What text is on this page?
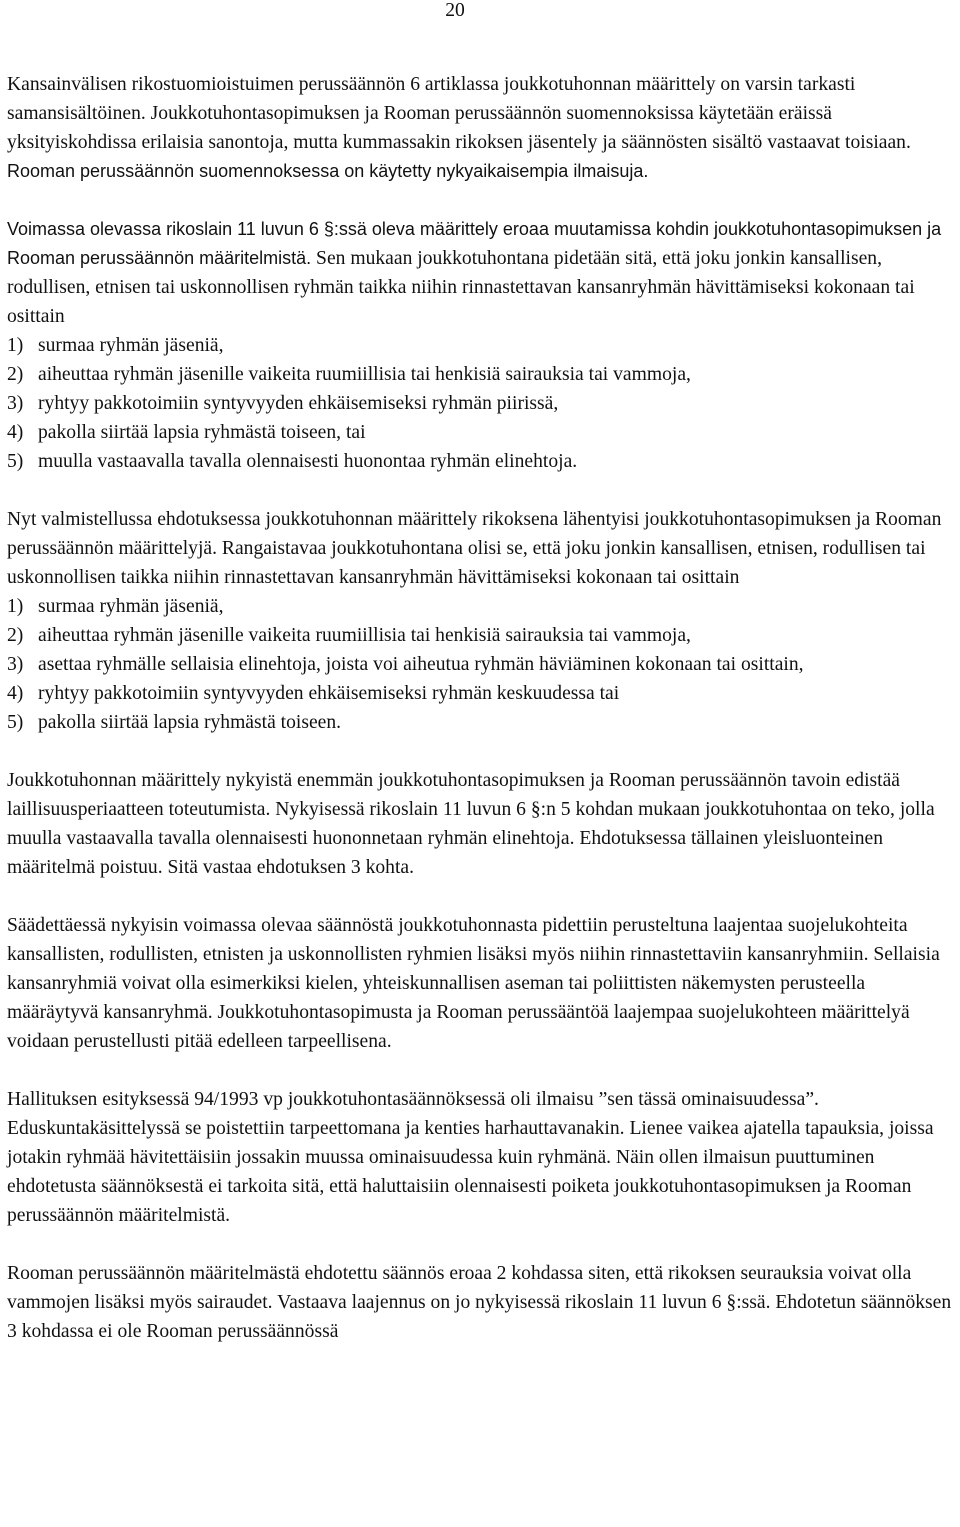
20

Kansainvälisen rikostuomioistuimen perussäännön 6 artiklassa joukkotuhonnan määrittely on varsin tarkasti samansisältöinen. Joukkotuhontasopimuksen ja Rooman perussäännön suomennoksissa käytetään eräissä yksityiskohdissa erilaisia sanontoja, mutta kummassakin rikoksen jäsentely ja säännösten sisältö vastaavat toisiaan. Rooman perussäännön suomennoksessa on käytetty nykyaikaisempia ilmaisuja.

Voimassa olevassa rikoslain 11 luvun 6 §:ssä oleva määrittely eroaa muutamissa kohdin joukkotuhontasopimuksen ja Rooman perussäännön määritelmistä. Sen mukaan joukkotuhontana pidetään sitä, että joku jonkin kansallisen, rodullisen, etnisen tai uskonnollisen ryhmän taikka niihin rinnastettavan kansanryhmän hävittämiseksi kokonaan tai osittain

1) surmaa ryhmän jäseniä,
2) aiheuttaa ryhmän jäsenille vaikeita ruumiillisia tai henkisiä sairauksia tai vammoja,
3) ryhtyy pakkotoimiin syntyvyyden ehkäisemiseksi ryhmän piirissä,
4) pakolla siirtää lapsia ryhmästä toiseen, tai
5) muulla vastaavalla tavalla olennaisesti huonontaa ryhmän elinehtoja.

Nyt valmistellussa ehdotuksessa joukkotuhonnan määrittely rikoksena lähentyisi joukkotuhontasopimuksen ja Rooman perussäännön määrittelyjä. Rangaistavaa joukkotuhontana olisi se, että joku jonkin kansallisen, etnisen, rodullisen tai uskonnollisen taikka niihin rinnastettavan kansanryhmän hävittämiseksi kokonaan tai osittain

1) surmaa ryhmän jäseniä,
2) aiheuttaa ryhmän jäsenille vaikeita ruumiillisia tai henkisiä sairauksia tai vammoja,
3) asettaa ryhmälle sellaisia elinehtoja, joista voi aiheutua ryhmän häviäminen kokonaan tai osittain,
4) ryhtyy pakkotoimiin syntyvyyden ehkäisemiseksi ryhmän keskuudessa tai
5) pakolla siirtää lapsia ryhmästä toiseen.

Joukkotuhonnan määrittely nykyistä enemmän joukkotuhontasopimuksen ja Rooman perussäännön tavoin edistää laillisuusperiaatteen toteutumista. Nykyisessä rikoslain 11 luvun 6 §:n 5 kohdan mukaan joukkotuhontaa on teko, jolla muulla vastaavalla tavalla olennaisesti huononnetaan ryhmän elinehtoja. Ehdotuksessa tällainen yleisluonteinen määritelmä poistuu. Sitä vastaa ehdotuksen 3 kohta.

Säädettäessä nykyisin voimassa olevaa säännöstä joukkotuhonnasta pidettiin perusteltuna laajentaa suojelukohteita kansallisten, rodullisten, etnisten ja uskonnollisten ryhmien lisäksi myös niihin rinnastettaviin kansanryhmiin. Sellaisia kansanryhmiä voivat olla esimerkiksi kielen, yhteiskunnallisen aseman tai poliittisten näkemysten perusteella määräytyvä kansanryhmä. Joukkotuhontasopimusta ja Rooman perussääntöä laajempaa suojelukohteen määrittelyä voidaan perustellusti pitää edelleen tarpeellisena.

Hallituksen esityksessä 94/1993 vp joukkotuhontasäännöksessä oli ilmaisu ”sen tässä ominaisuudessa”. Eduskuntakäsittelyssä se poistettiin tarpeettomana ja kenties harhauttavanakin. Lienee vaikea ajatella tapauksia, joissa jotakin ryhmää hävitettäisiin jossakin muussa ominaisuudessa kuin ryhmänä. Näin ollen ilmaisun puuttuminen ehdotetusta säännöksestä ei tarkoita sitä, että haluttaisiin olennaisesti poiketa joukkotuhontasopimuksen ja Rooman perussäännön määritelmistä.

Rooman perussäännön määritelmästä ehdotettu säännös eroaa 2 kohdassa siten, että rikoksen seurauksia voivat olla vammojen lisäksi myös sairaudet. Vastaava laajennus on jo nykyisessä rikoslain 11 luvun 6 §:ssä. Ehdotetun säännöksen 3 kohdassa ei ole Rooman perussäännössä
